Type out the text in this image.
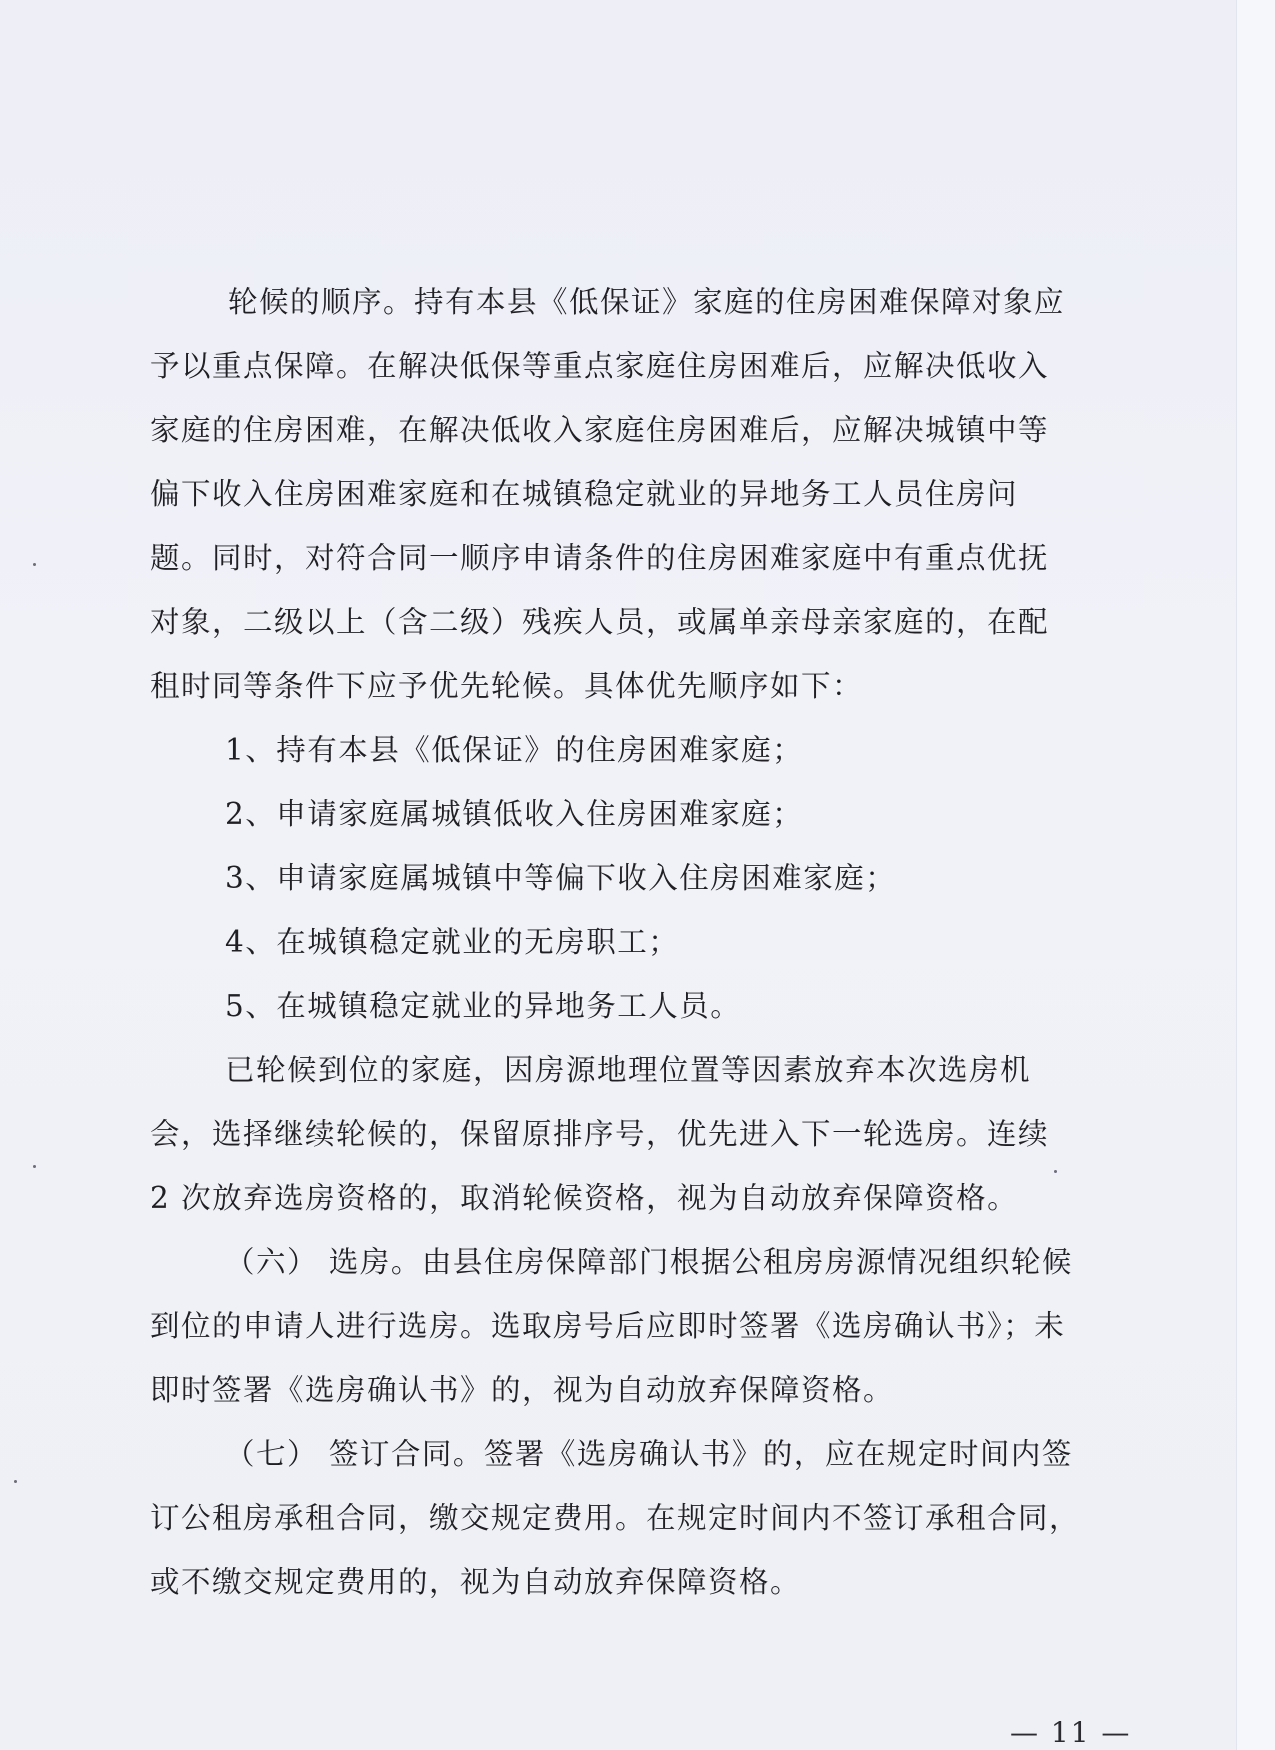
轮候的顺序。持有本县《低保证》家庭的住房困难保障对象应
予以重点保障。在解决低保等重点家庭住房困难后，应解决低收入
家庭的住房困难，在解决低收入家庭住房困难后，应解决城镇中等
偏下收入住房困难家庭和在城镇稳定就业的异地务工人员住房问
题。同时，对符合同一顺序申请条件的住房困难家庭中有重点优抚
对象，二级以上（含二级）残疾人员，或属单亲母亲家庭的，在配
租时同等条件下应予优先轮候。具体优先顺序如下：
1、持有本县《低保证》的住房困难家庭；
2、申请家庭属城镇低收入住房困难家庭；
3、申请家庭属城镇中等偏下收入住房困难家庭；
4、在城镇稳定就业的无房职工；
5、在城镇稳定就业的异地务工人员。
已轮候到位的家庭，因房源地理位置等因素放弃本次选房机
会，选择继续轮候的，保留原排序号，优先进入下一轮选房。连续
2 次放弃选房资格的，取消轮候资格，视为自动放弃保障资格。
（六） 选房。由县住房保障部门根据公租房房源情况组织轮候
到位的申请人进行选房。选取房号后应即时签署《选房确认书》；未
即时签署《选房确认书》的，视为自动放弃保障资格。
（七） 签订合同。签署《选房确认书》的，应在规定时间内签
订公租房承租合同，缴交规定费用。在规定时间内不签订承租合同，
或不缴交规定费用的，视为自动放弃保障资格。
— 11 —
